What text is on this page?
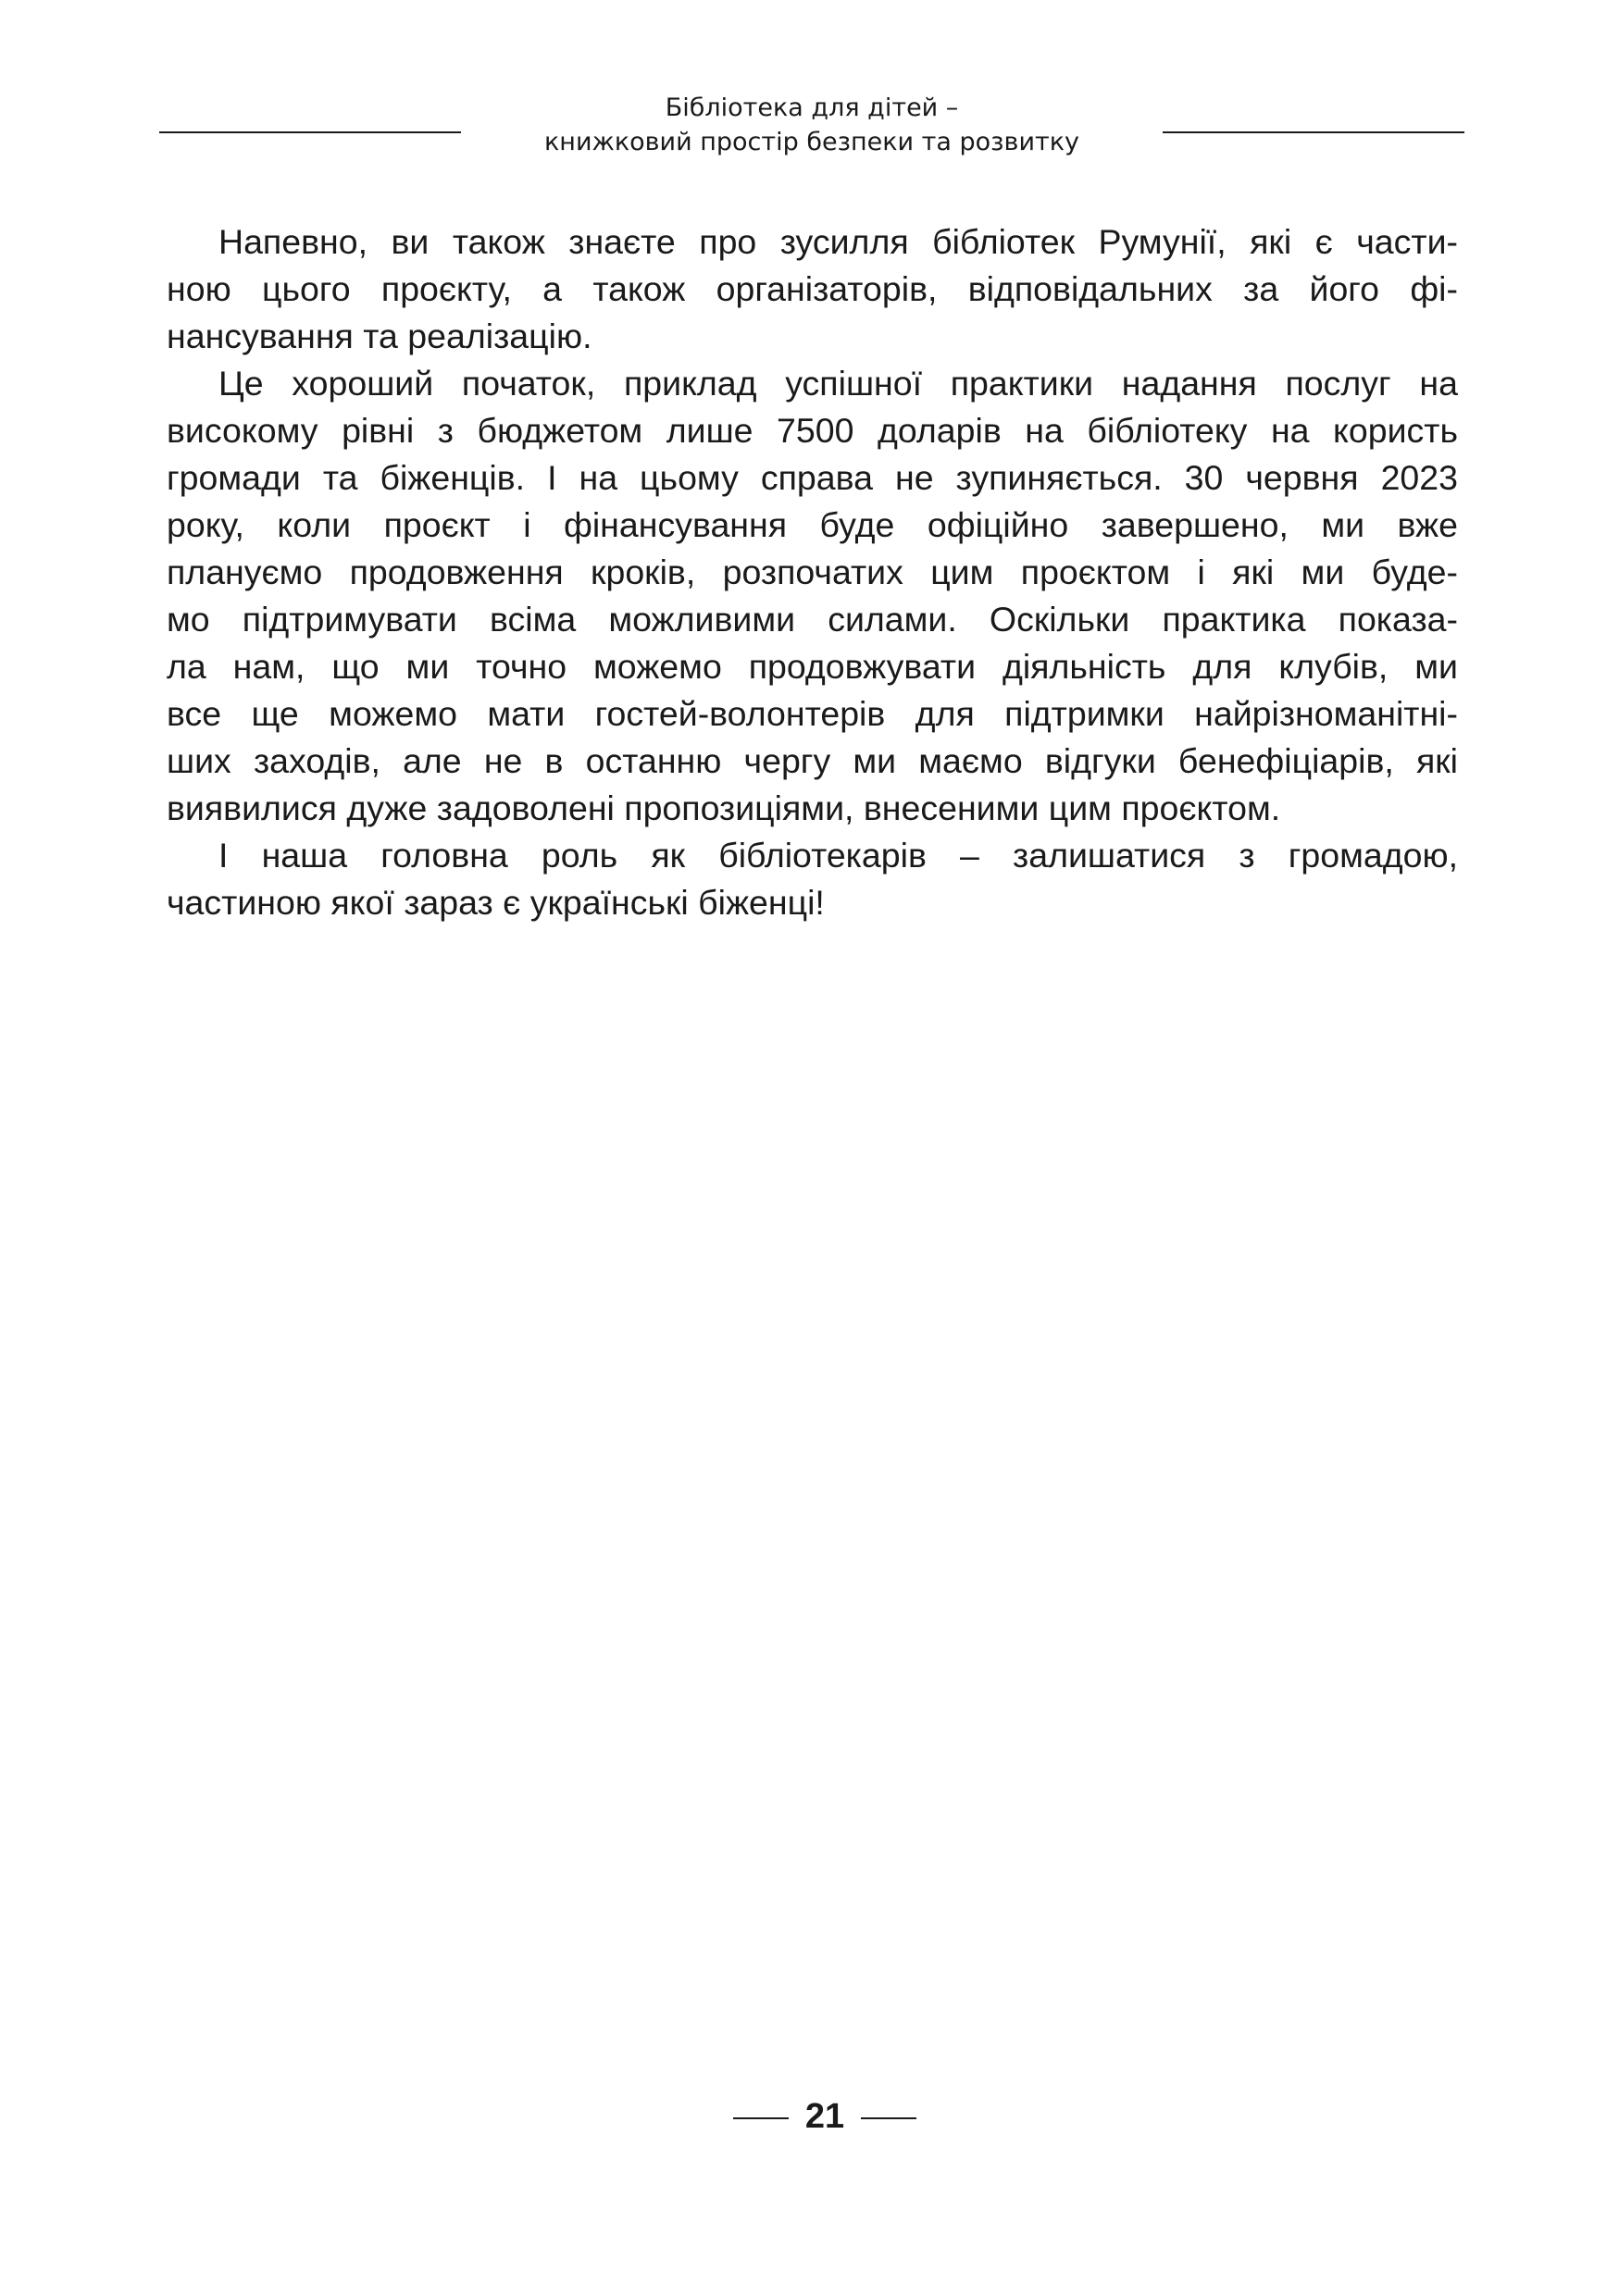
Бібліотека для дітей –
книжковий простір безпеки та розвитку
Напевно, ви також знаєте про зусилля бібліотек Румунії, які є части-
ною цього проєкту, а також організаторів, відповідальних за його фі-
нансування та реалізацію.
Це хороший початок, приклад успішної практики надання послуг на
високому рівні з бюджетом лише 7500 доларів на бібліотеку на користь
громади та біженців. І на цьому справа не зупиняється. 30 червня 2023
року, коли проєкт і фінансування буде офіційно завершено, ми вже
плануємо продовження кроків, розпочатих цим проєктом і які ми буде-
мо підтримувати всіма можливими силами. Оскільки практика показа-
ла нам, що ми точно можемо продовжувати діяльність для клубів, ми
все ще можемо мати гостей-волонтерів для підтримки найрізноманітні-
ших заходів, але не в останню чергу ми маємо відгуки бенефіціарів, які
виявилися дуже задоволені пропозиціями, внесеними цим проєктом.
І наша головна роль як бібліотекарів – залишатися з громадою,
частиною якої зараз є українські біженці!
21
